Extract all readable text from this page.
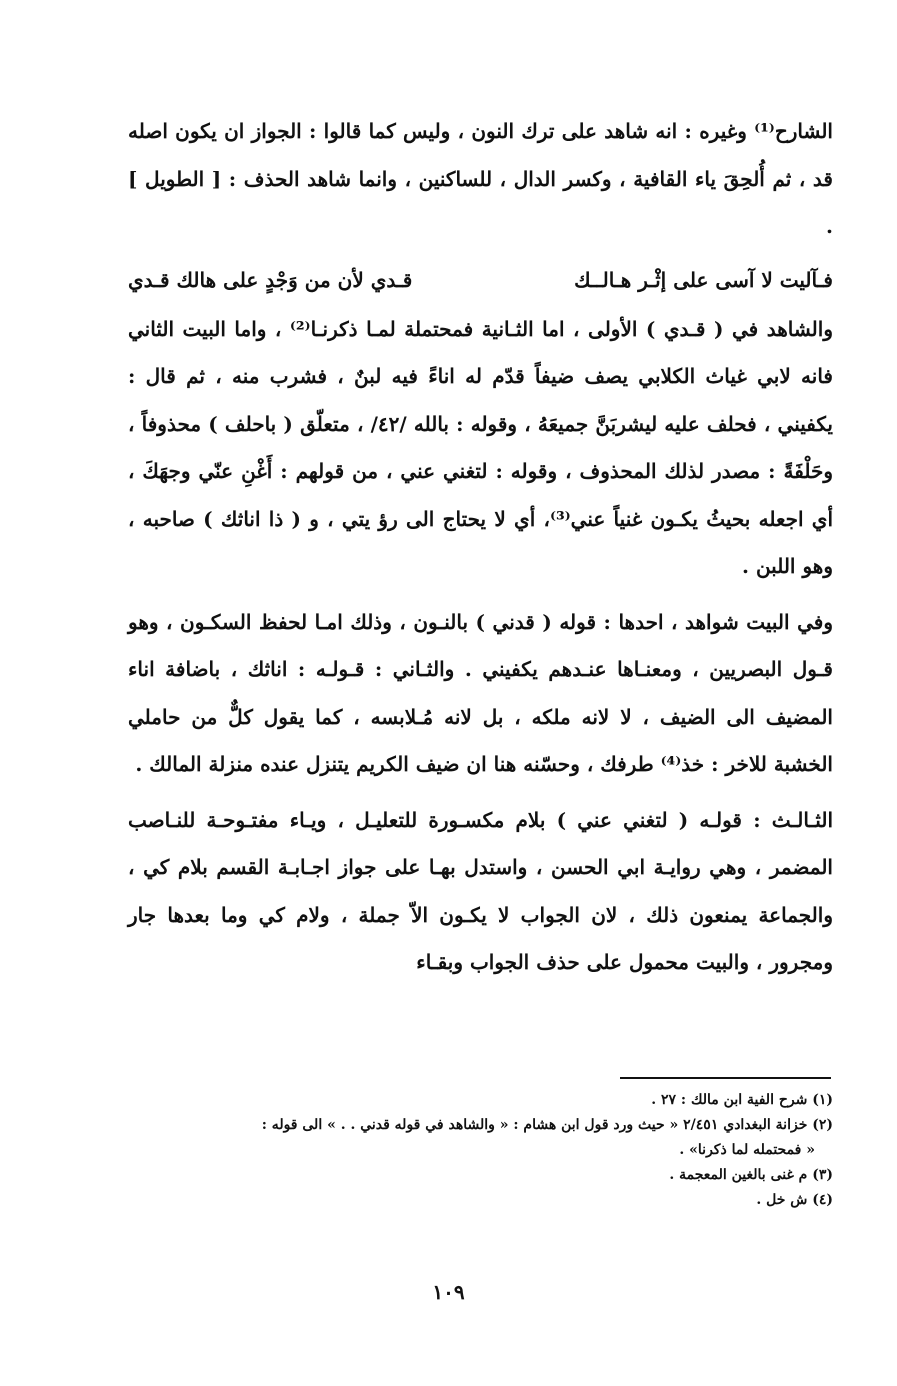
الشارح⁽¹⁾ وغيره : انه شاهد على ترك النون ، وليس كما قالوا : الجواز ان يكون اصله قد ، ثم أُلحِقَ ياء القافية ، وكسر الدال ، للساكنين ، وانما شاهد الحذف : [ الطويل ] .

فـآليت لا آسى على إثْـر هـالــك
قـدي لأن من وَجْدٍ على هالك قـدي

والشاهد في ( قـدي ) الأولى ، اما الثـانية فمحتملة لمـا ذكرنـا⁽²⁾ ، واما البيت الثاني فانه لابي غياث الكلابي يصف ضيفاً قدّم له اناءً فيه لبنٌ ، فشرب منه ، ثم قال : يكفيني ، فحلف عليه ليشربَنَّ جميعَهُ ، وقوله : بالله /٤٢/ ، متعلّق ( باحلف ) محذوفاً ، وحَلْفَةً : مصدر لذلك المحذوف ، وقوله : لتغني عني ، من قولهم : أَغْنِ عنّي وجهَكَ ، أي اجعله بحيثُ يكـون غنياً عني⁽³⁾، أي لا يحتاج الى رؤ يتي ، و ( ذا اناثك ) صاحبه ، وهو اللبن .

وفي البيت شواهد ، احدها : قوله ( قدني ) بالنـون ، وذلك امـا لحفظ السكـون ، وهو قـول البصريين ، ومعنـاها عنـدهم يكفيني . والثـاني : قـولـه : اناثك ، باضافة اناء المضيف الى الضيف ، لا لانه ملكه ، بل لانه مُـلابسه ، كما يقول كلٌّ من حاملي الخشبة للاخر : خذ⁽⁴⁾ طرفك ، وحسّنه هنا ان ضيف الكريم يتنزل عنده منزلة المالك .

الثـالـث : قولـه ( لتغني عني ) بلام مكسـورة للتعليـل ، ويـاء مفتـوحـة للنـاصب المضمر ، وهي روايـة ابي الحسن ، واستدل بهـا على جواز اجـابـة القسم بلام كي ، والجماعة يمنعون ذلك ، لان الجواب لا يكـون الاّ جملة ، ولام كي وما بعدها جار ومجرور ، والبيت محمول على حذف الجواب وبقـاء

(١) شرح الفية ابن مالك : ٢٧ .
(٢) خزانة البغدادي ٢/٤٥١ « حيث ورد قول ابن هشام : « والشاهد في قوله قدني . . » الى قوله :
« فمحتمله لما ذكرنا» .
(٣) م غنى بالغين المعجمة .
(٤) ش خل .
١٠٩
